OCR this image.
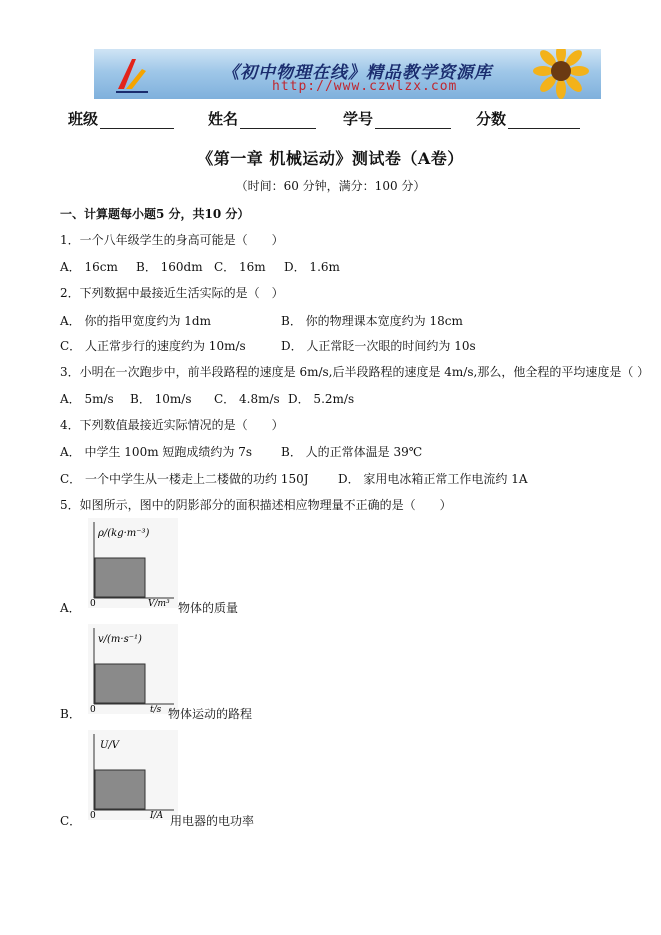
《初中物理在线》精品教学资源库
http://www.czwlzx.com
班级	姓名	学号	分数
《第一章 机械运动》测试卷（A卷）
（时间：60 分钟，满分：100 分）
一、计算题每小题5 分，共10 分）
1．一个八年级学生的身高可能是（　　）
A． 16cm B． 160dm C． 16m D． 1.6m
2．下列数据中最接近生活实际的是（　）
A． 你的指甲宽度约为 1dm	B． 你的物理课本宽度约为 18cm
C． 人正常步行的速度约为 10m/s	D． 人正常眨一次眼的时间约为 10s
3．小明在一次跑步中，前半段路程的速度是 6m/s,后半段路程的速度是 4m/s,那么，他全程的平均速度是（ ）
A． 5m/s B． 10m/s C． 4.8m/s D． 5.2m/s
4．下列数值最接近实际情况的是（　　）
A． 中学生 100m 短跑成绩约为 7s B． 人的正常体温是 39℃
C． 一个中学生从一楼走上二楼做的功约 150J D． 家用电冰箱正常工作电流约 1A
5．如图所示，图中的阴影部分的面积描述相应物理量不正确的是（　　）
ρ/(kg·m⁻³)
0	V/m³
A．	物体的质量
v/(m·s⁻¹)
0	t/s
B．	物体运动的路程
U/V
0	I/A
C．	用电器的电功率
